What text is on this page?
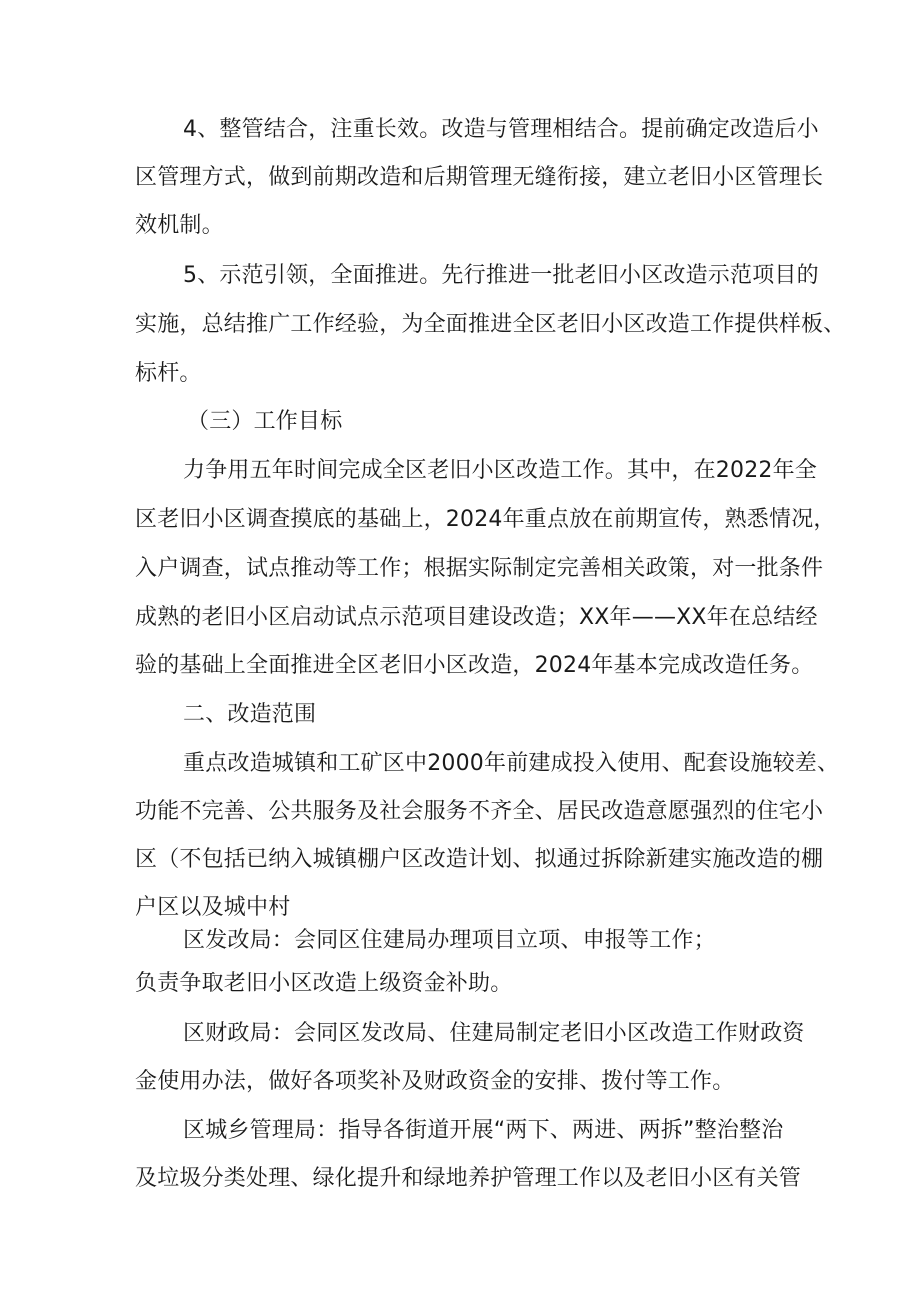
4、整管结合，注重长效。改造与管理相结合。提前确定改造后小
区管理方式，做到前期改造和后期管理无缝衔接，建立老旧小区管理长
效机制。
5、示范引领，全面推进。先行推进一批老旧小区改造示范项目的
实施，总结推广工作经验，为全面推进全区老旧小区改造工作提供样板、
标杆。
（三）工作目标
力争用五年时间完成全区老旧小区改造工作。其中，在2022年全
区老旧小区调查摸底的基础上，2024年重点放在前期宣传，熟悉情况，
入户调查，试点推动等工作；根据实际制定完善相关政策，对一批条件
成熟的老旧小区启动试点示范项目建设改造；XX年——XX年在总结经
验的基础上全面推进全区老旧小区改造，2024年基本完成改造任务。
二、改造范围
重点改造城镇和工矿区中2000年前建成投入使用、配套设施较差、
功能不完善、公共服务及社会服务不齐全、居民改造意愿强烈的住宅小
区（不包括已纳入城镇棚户区改造计划、拟通过拆除新建实施改造的棚
户区以及城中村
区发改局：会同区住建局办理项目立项、申报等工作；
负责争取老旧小区改造上级资金补助。
区财政局：会同区发改局、住建局制定老旧小区改造工作财政资
金使用办法，做好各项奖补及财政资金的安排、拨付等工作。
区城乡管理局：指导各街道开展“两下、两进、两拆”整治整治
及垃圾分类处理、绿化提升和绿地养护管理工作以及老旧小区有关管
